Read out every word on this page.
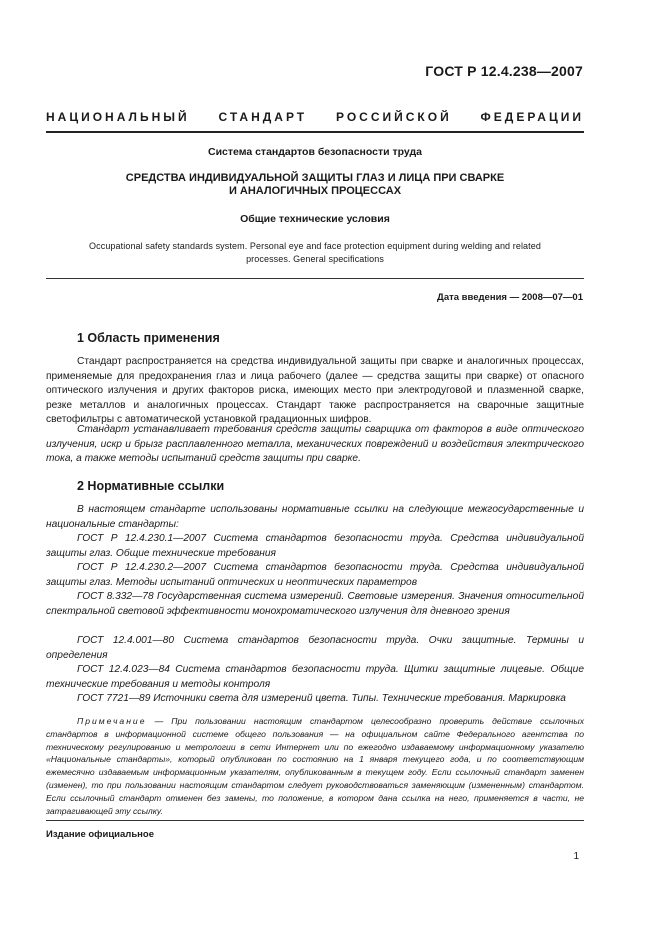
ГОСТ Р 12.4.238—2007
НАЦИОНАЛЬНЫЙ СТАНДАРТ РОССИЙСКОЙ ФЕДЕРАЦИИ
Система стандартов безопасности труда
СРЕДСТВА ИНДИВИДУАЛЬНОЙ ЗАЩИТЫ ГЛАЗ И ЛИЦА ПРИ СВАРКЕ
И АНАЛОГИЧНЫХ ПРОЦЕССАХ
Общие технические условия
Occupational safety standards system. Personal eye and face protection equipment during welding and related
processes. General specifications
Дата введения — 2008—07—01
1 Область применения

Стандарт распространяется на средства индивидуальной защиты при сварке и аналогичных процессах, применяемые для предохранения глаз и лица рабочего (далее — средства защиты при сварке) от опасного оптического излучения и других факторов риска, имеющих место при электродуговой и плазменной сварке, резке металлов и аналогичных процессах. Стандарт также распространяется на сварочные защитные светофильтры с автоматической установкой градационных шифров.

Стандарт устанавливает требования средств защиты сварщика от факторов в виде оптического излучения, искр и брызг расплавленного металла, механических повреждений и воздействия электрического тока, а также методы испытаний средств защиты при сварке.

2 Нормативные ссылки

В настоящем стандарте использованы нормативные ссылки на следующие межгосударственные и национальные стандарты:

ГОСТ Р 12.4.230.1—2007 Система стандартов безопасности труда. Средства индивидуальной защиты глаз. Общие технические требования

ГОСТ Р 12.4.230.2—2007 Система стандартов безопасности труда. Средства индивидуальной защиты глаз. Методы испытаний оптических и неоптических параметров

ГОСТ 8.332—78 Государственная система измерений. Световые измерения. Значения относительной спектральной световой эффективности монохроматического излучения для дневного зрения

ГОСТ 12.4.001—80 Система стандартов безопасности труда. Очки защитные. Термины и определения

ГОСТ 12.4.023—84 Система стандартов безопасности труда. Щитки защитные лицевые. Общие технические требования и методы контроля

ГОСТ 7721—89 Источники света для измерений цвета. Типы. Технические требования. Маркировка

Примечание — При пользовании настоящим стандартом целесообразно проверить действие ссылочных стандартов в информационной системе общего пользования — на официальном сайте Федерального агентства по техническому регулированию и метрологии в сети Интернет или по ежегодно издаваемому информационному указателю «Национальные стандарты», который опубликован по состоянию на 1 января текущего года, и по соответствующим ежемесячно издаваемым информационным указателям, опубликованным в текущем году. Если ссылочный стандарт заменен (изменен), то при пользовании настоящим стандартом следует руководствоваться заменяющим (измененным) стандартом. Если ссылочный стандарт отменен без замены, то положение, в котором дана ссылка на него, применяется в части, не затрагивающей эту ссылку.

Издание официальное
1
